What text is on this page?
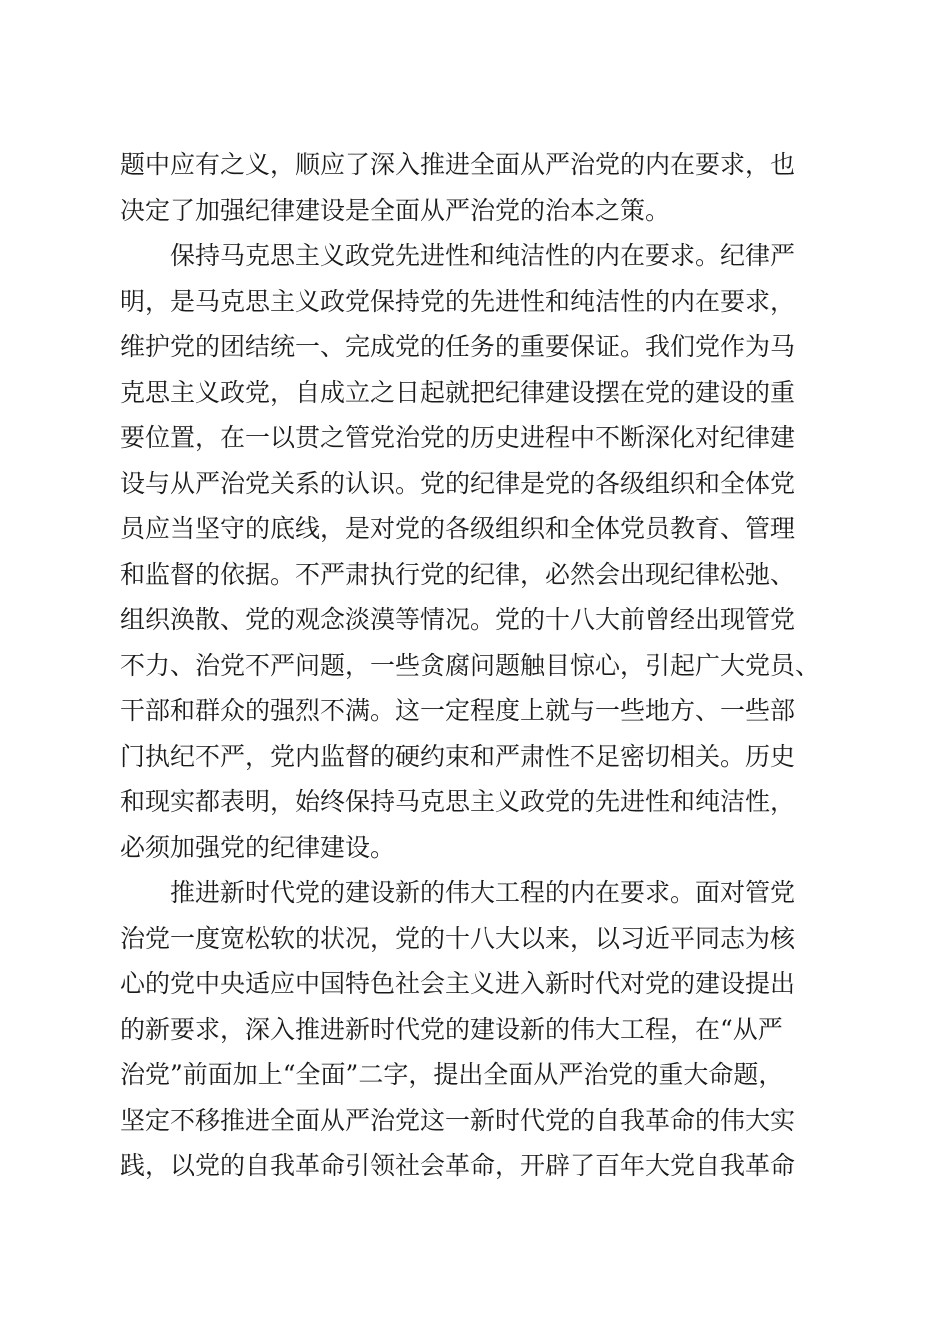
题中应有之义，顺应了深入推进全面从严治党的内在要求，也
决定了加强纪律建设是全面从严治党的治本之策。
保持马克思主义政党先进性和纯洁性的内在要求。纪律严
明，是马克思主义政党保持党的先进性和纯洁性的内在要求，
维护党的团结统一、完成党的任务的重要保证。我们党作为马
克思主义政党，自成立之日起就把纪律建设摆在党的建设的重
要位置，在一以贯之管党治党的历史进程中不断深化对纪律建
设与从严治党关系的认识。党的纪律是党的各级组织和全体党
员应当坚守的底线，是对党的各级组织和全体党员教育、管理
和监督的依据。不严肃执行党的纪律，必然会出现纪律松弛、
组织涣散、党的观念淡漠等情况。党的十八大前曾经出现管党
不力、治党不严问题，一些贪腐问题触目惊心，引起广大党员、
干部和群众的强烈不满。这一定程度上就与一些地方、一些部
门执纪不严，党内监督的硬约束和严肃性不足密切相关。历史
和现实都表明，始终保持马克思主义政党的先进性和纯洁性，
必须加强党的纪律建设。
推进新时代党的建设新的伟大工程的内在要求。面对管党
治党一度宽松软的状况，党的十八大以来，以习近平同志为核
心的党中央适应中国特色社会主义进入新时代对党的建设提出
的新要求，深入推进新时代党的建设新的伟大工程，在“从严
治党”前面加上“全面”二字，提出全面从严治党的重大命题，
坚定不移推进全面从严治党这一新时代党的自我革命的伟大实
践，以党的自我革命引领社会革命，开辟了百年大党自我革命
